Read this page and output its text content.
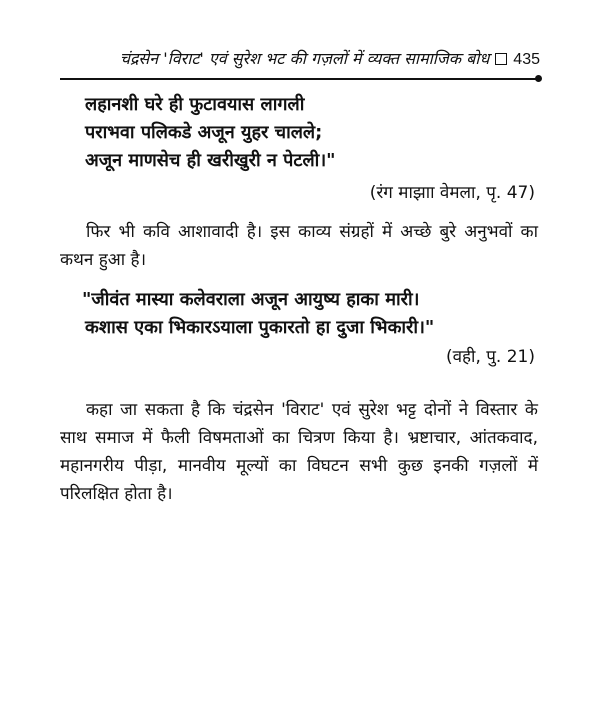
चंद्रसेन 'विराट' एवं सुरेश भट की गज़लों में व्यक्त सामाजिक बोध 435
लहानशी घरे ही फुटावयास लागली
पराभवा पलिकडे अजून युहर चालले;
अजून माणसेच ही खरीखुरी न पेटली।"
(रंग माझाा वेमला, पृ. 47)
फिर भी कवि आशावादी है। इस काव्य संग्रहों में अच्छे बुरे अनुभवों का कथन हुआ है।
"जीवंत मास्या कलेवराला अजून आयुष्य हाका मारी।
कशास एका भिकारऽयाला पुकारतो हा दुजा भिकारी।"
(वही, पु. 21)
कहा जा सकता है कि चंद्रसेन 'विराट' एवं सुरेश भट्ट दोनों ने विस्तार के साथ समाज में फैली विषमताओं का चित्रण किया है। भ्रष्टाचार, आंतकवाद, महानगरीय पीड़ा, मानवीय मूल्यों का विघटन सभी कुछ इनकी गज़लों में परिलक्षित होता है।
